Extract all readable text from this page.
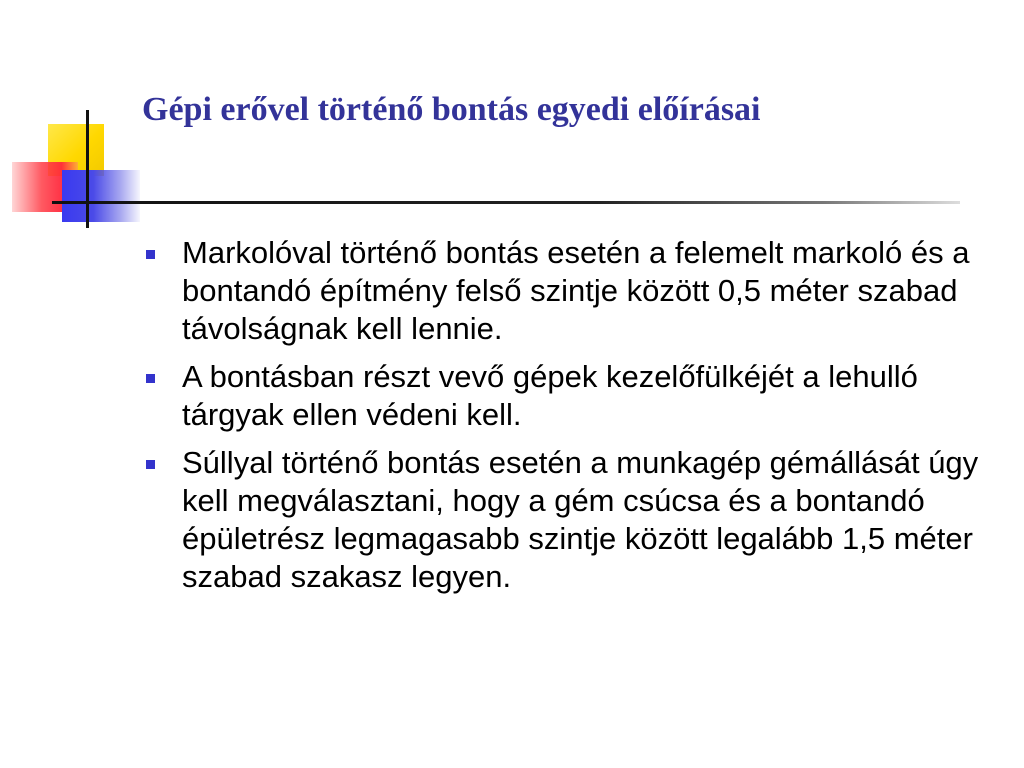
Gépi erővel történő bontás egyedi előírásai
Markolóval történő bontás esetén a felemelt markoló és a bontandó építmény felső szintje között 0,5 méter szabad távolságnak kell lennie.
A bontásban részt vevő gépek kezelőfülkéjét a lehulló tárgyak ellen védeni kell.
Súllyal történő bontás esetén a munkagép gémállását úgy kell megválasztani, hogy a gém csúcsa és a bontandó épületrész legmagasabb szintje között legalább 1,5 méter szabad szakasz legyen.
